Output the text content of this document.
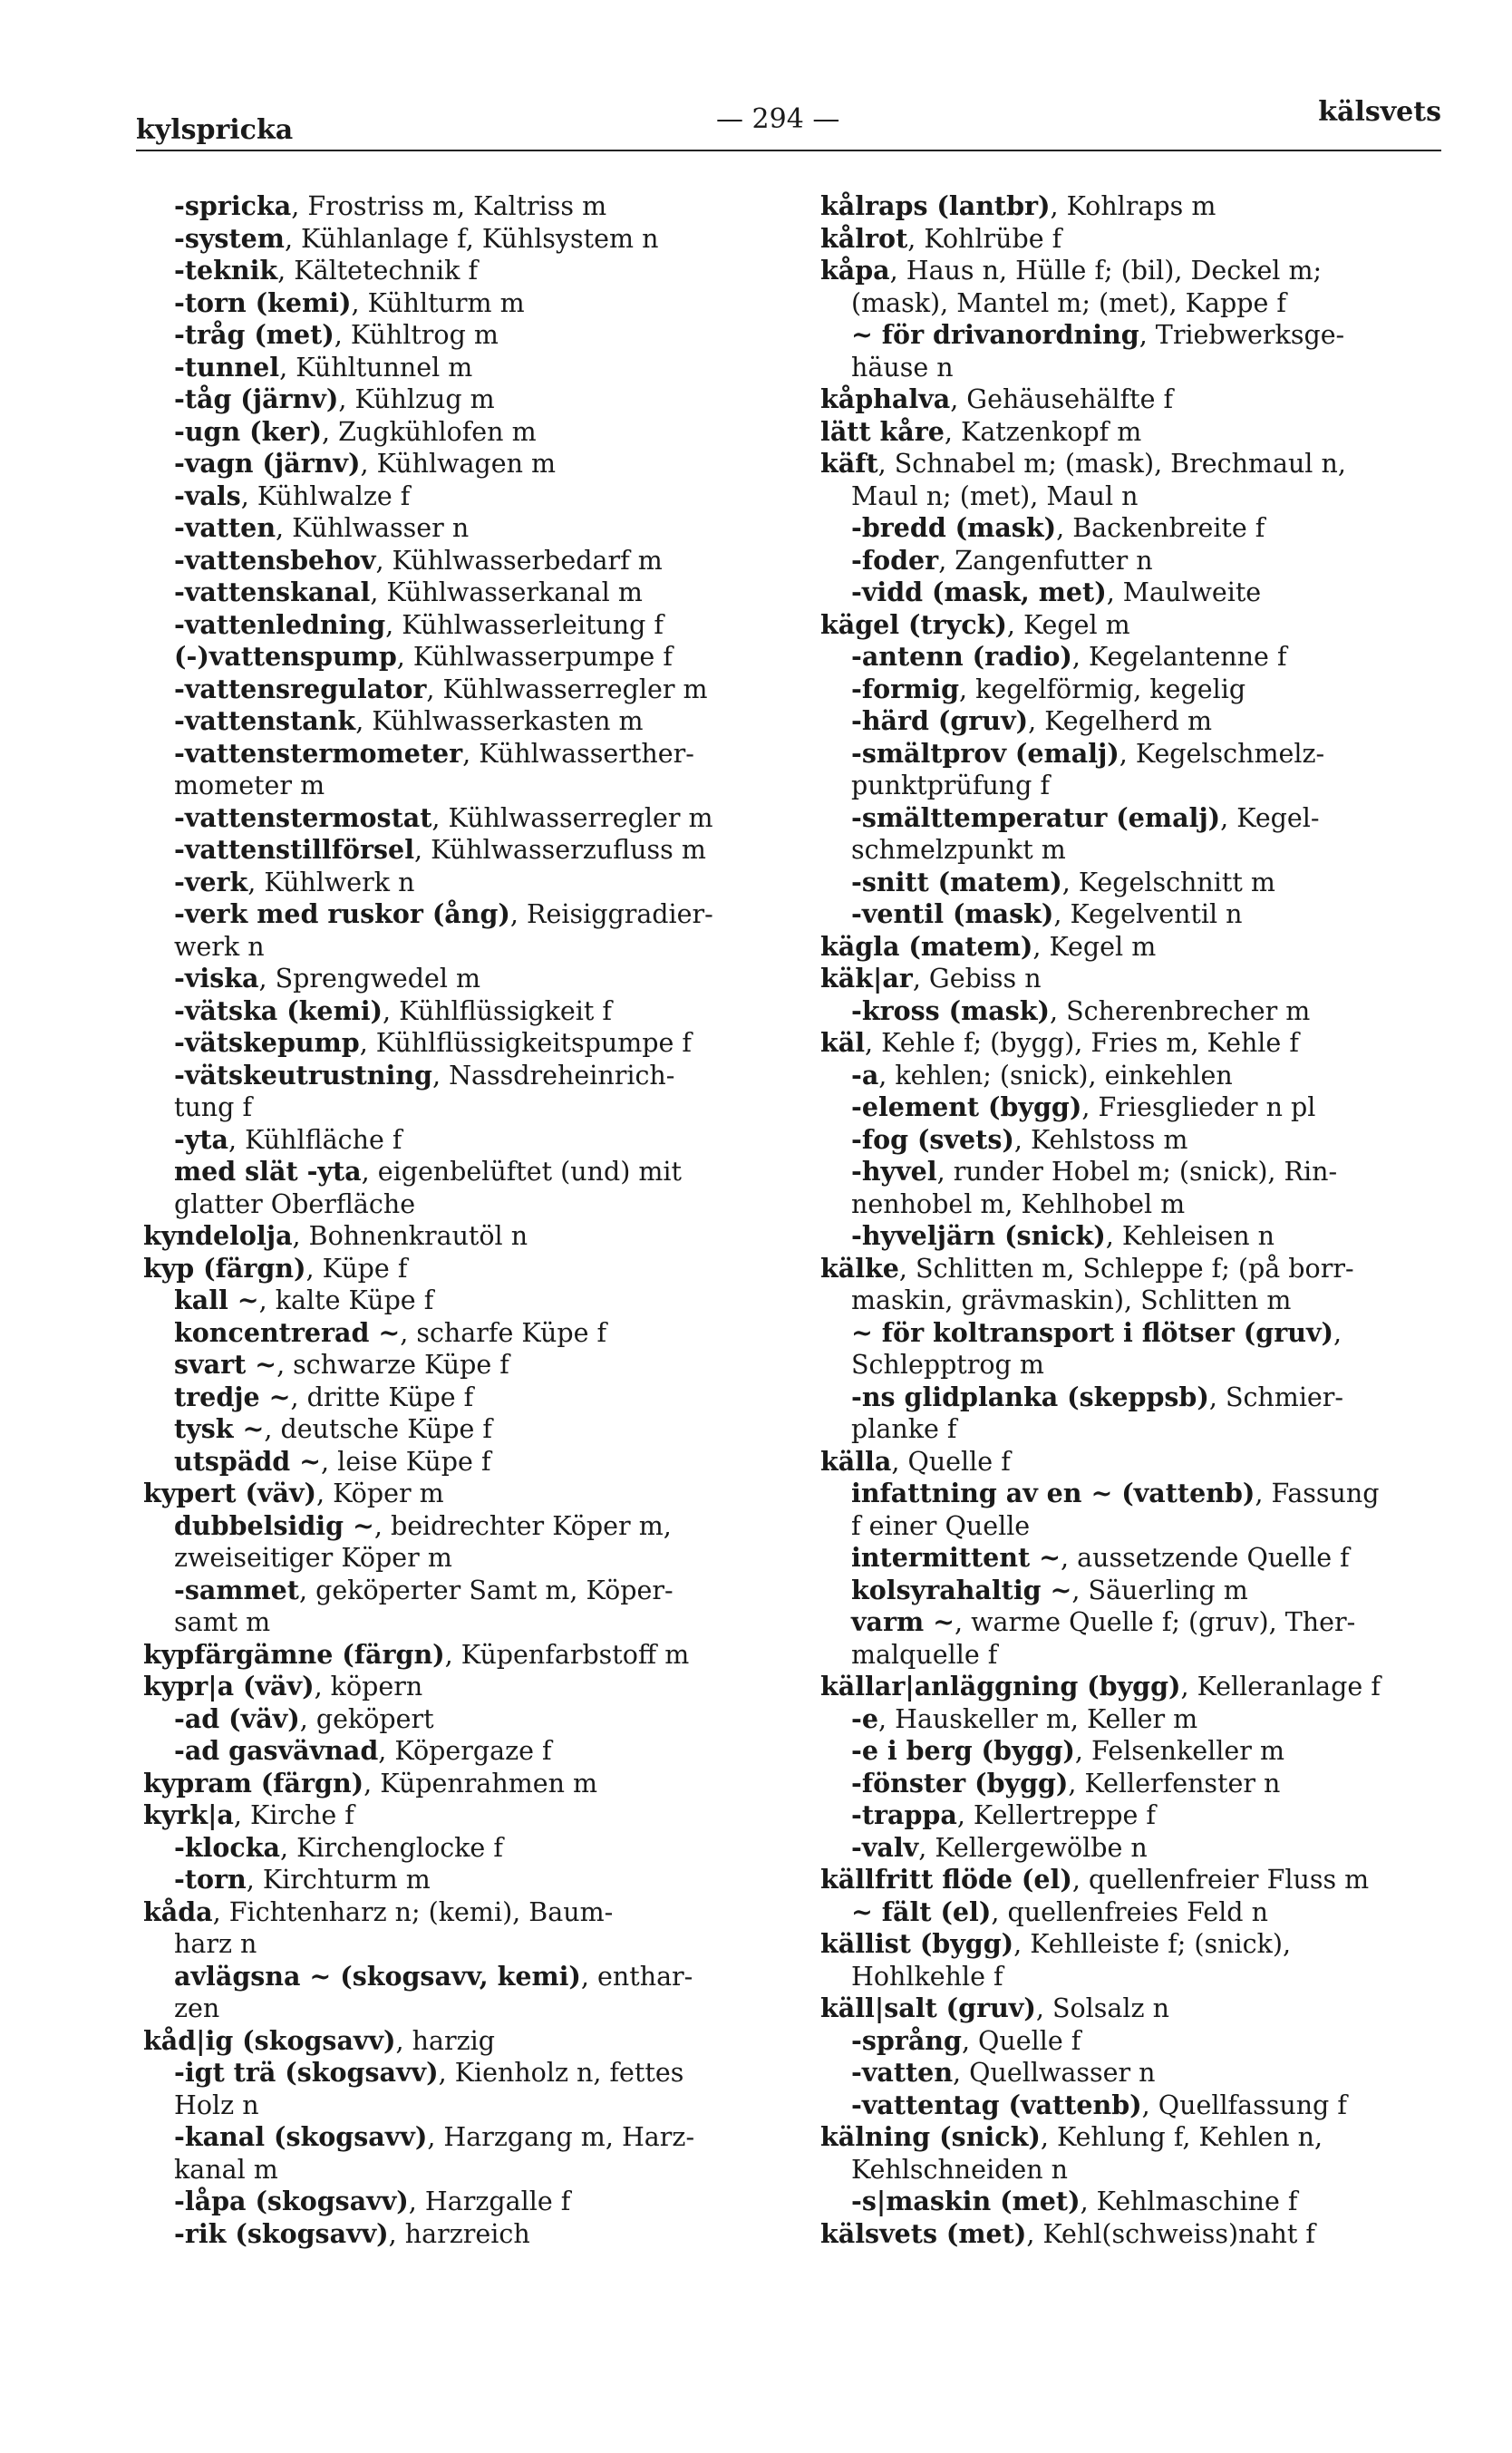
kylspricka	— 294 —	kälsvets
-spricka, Frostriss m, Kaltriss m
-system, Kühlanlage f, Kühlsystem n
-teknik, Kältetechnik f
-torn (kemi), Kühlturm m
-tråg (met), Kühltrog m
-tunnel, Kühltunnel m
-tåg (järnv), Kühlzug m
-ugn (ker), Zugkühlofen m
-vagn (järnv), Kühlwagen m
-vals, Kühlwalze f
-vatten, Kühlwasser n
-vattensbehov, Kühlwasserbedarf m
-vattenskanal, Kühlwasserkanal m
-vattenledning, Kühlwasserleitung f
(-)vattenspump, Kühlwasserpumpe f
-vattensregulator, Kühlwasserregler m
-vattenstank, Kühlwasserkasten m
-vattenstermometer, Kühlwasserther-
mometer m
-vattenstermostat, Kühlwasserregler m
-vattenstillförsel, Kühlwasserzufluss m
-verk, Kühlwerk n
-verk med ruskor (ång), Reisiggradier-
werk n
-viska, Sprengwedel m
-vätska (kemi), Kühlflüssigkeit f
-vätskepump, Kühlflüssigkeitspumpe f
-vätskeutrustning, Nassdreheinrich-
tung f
-yta, Kühlfläche f
med slät -yta, eigenbelüftet (und) mit
glatter Oberfläche
kyndelolja, Bohnenkrautöl n
kyp (färgn), Küpe f
kall ~, kalte Küpe f
koncentrerad ~, scharfe Küpe f
svart ~, schwarze Küpe f
tredje ~, dritte Küpe f
tysk ~, deutsche Küpe f
utspädd ~, leise Küpe f
kypert (väv), Köper m
dubbelsidig ~, beidrechter Köper m,
zweiseitiger Köper m
-sammet, geköperter Samt m, Köper-
samt m
kypfärgämne (färgn), Küpenfarbstoff m
kypr|a (väv), köpern
-ad (väv), geköpert
-ad gasvävnad, Köpergaze f
kypram (färgn), Küpenrahmen m
kyrk|a, Kirche f
-klocka, Kirchenglocke f
-torn, Kirchturm m
kåda, Fichtenharz n; (kemi), Baum-
harz n
avlägsna ~ (skogsavv, kemi), enthar-
zen
kåd|ig (skogsavv), harzig
-igt trä (skogsavv), Kienholz n, fettes
Holz n
-kanal (skogsavv), Harzgang m, Harz-
kanal m
-låpa (skogsavv), Harzgalle f
-rik (skogsavv), harzreich
kålraps (lantbr), Kohlraps m
kålrot, Kohlrübe f
kåpa, Haus n, Hülle f; (bil), Deckel m;
(mask), Mantel m; (met), Kappe f
~ för drivanordning, Triebwerksge-
häuse n
kåphalva, Gehäusehälfte f
lätt kåre, Katzenkopf m
käft, Schnabel m; (mask), Brechmaul n,
Maul n; (met), Maul n
-bredd (mask), Backenbreite f
-foder, Zangenfutter n
-vidd (mask, met), Maulweite
kägel (tryck), Kegel m
-antenn (radio), Kegelantenne f
-formig, kegelförmig, kegelig
-härd (gruv), Kegelherd m
-smältprov (emalj), Kegelschmelz-
punktprüfung f
-smälttemperatur (emalj), Kegel-
schmelzpunkt m
-snitt (matem), Kegelschnitt m
-ventil (mask), Kegelventil n
kägla (matem), Kegel m
käk|ar, Gebiss n
-kross (mask), Scherenbrecher m
käl, Kehle f; (bygg), Fries m, Kehle f
-a, kehlen; (snick), einkehlen
-element (bygg), Friesglieder n pl
-fog (svets), Kehlstoss m
-hyvel, runder Hobel m; (snick), Rin-
nenhobel m, Kehlhobel m
-hyveljärn (snick), Kehleisen n
kälke, Schlitten m, Schleppe f; (på borr-
maskin, grävmaskin), Schlitten m
~ för koltransport i flötser (gruv),
Schlepptrog m
-ns glidplanka (skeppsb), Schmier-
planke f
källa, Quelle f
infattning av en ~ (vattenb), Fassung
f einer Quelle
intermittent ~, aussetzende Quelle f
kolsyrahaltig ~, Säuerling m
varm ~, warme Quelle f; (gruv), Ther-
malquelle f
källar|anläggning (bygg), Kelleranlage f
-e, Hauskeller m, Keller m
-e i berg (bygg), Felsenkeller m
-fönster (bygg), Kellerfenster n
-trappa, Kellertreppe f
-valv, Kellergewölbe n
källfritt flöde (el), quellenfreier Fluss m
~ fält (el), quellenfreies Feld n
källist (bygg), Kehlleiste f; (snick),
Hohlkehle f
käll|salt (gruv), Solsalz n
-språng, Quelle f
-vatten, Quellwasser n
-vattentag (vattenb), Quellfassung f
kälning (snick), Kehlung f, Kehlen n,
Kehlschneiden n
-s|maskin (met), Kehlmaschine f
kälsvets (met), Kehl(schweiss)naht f
